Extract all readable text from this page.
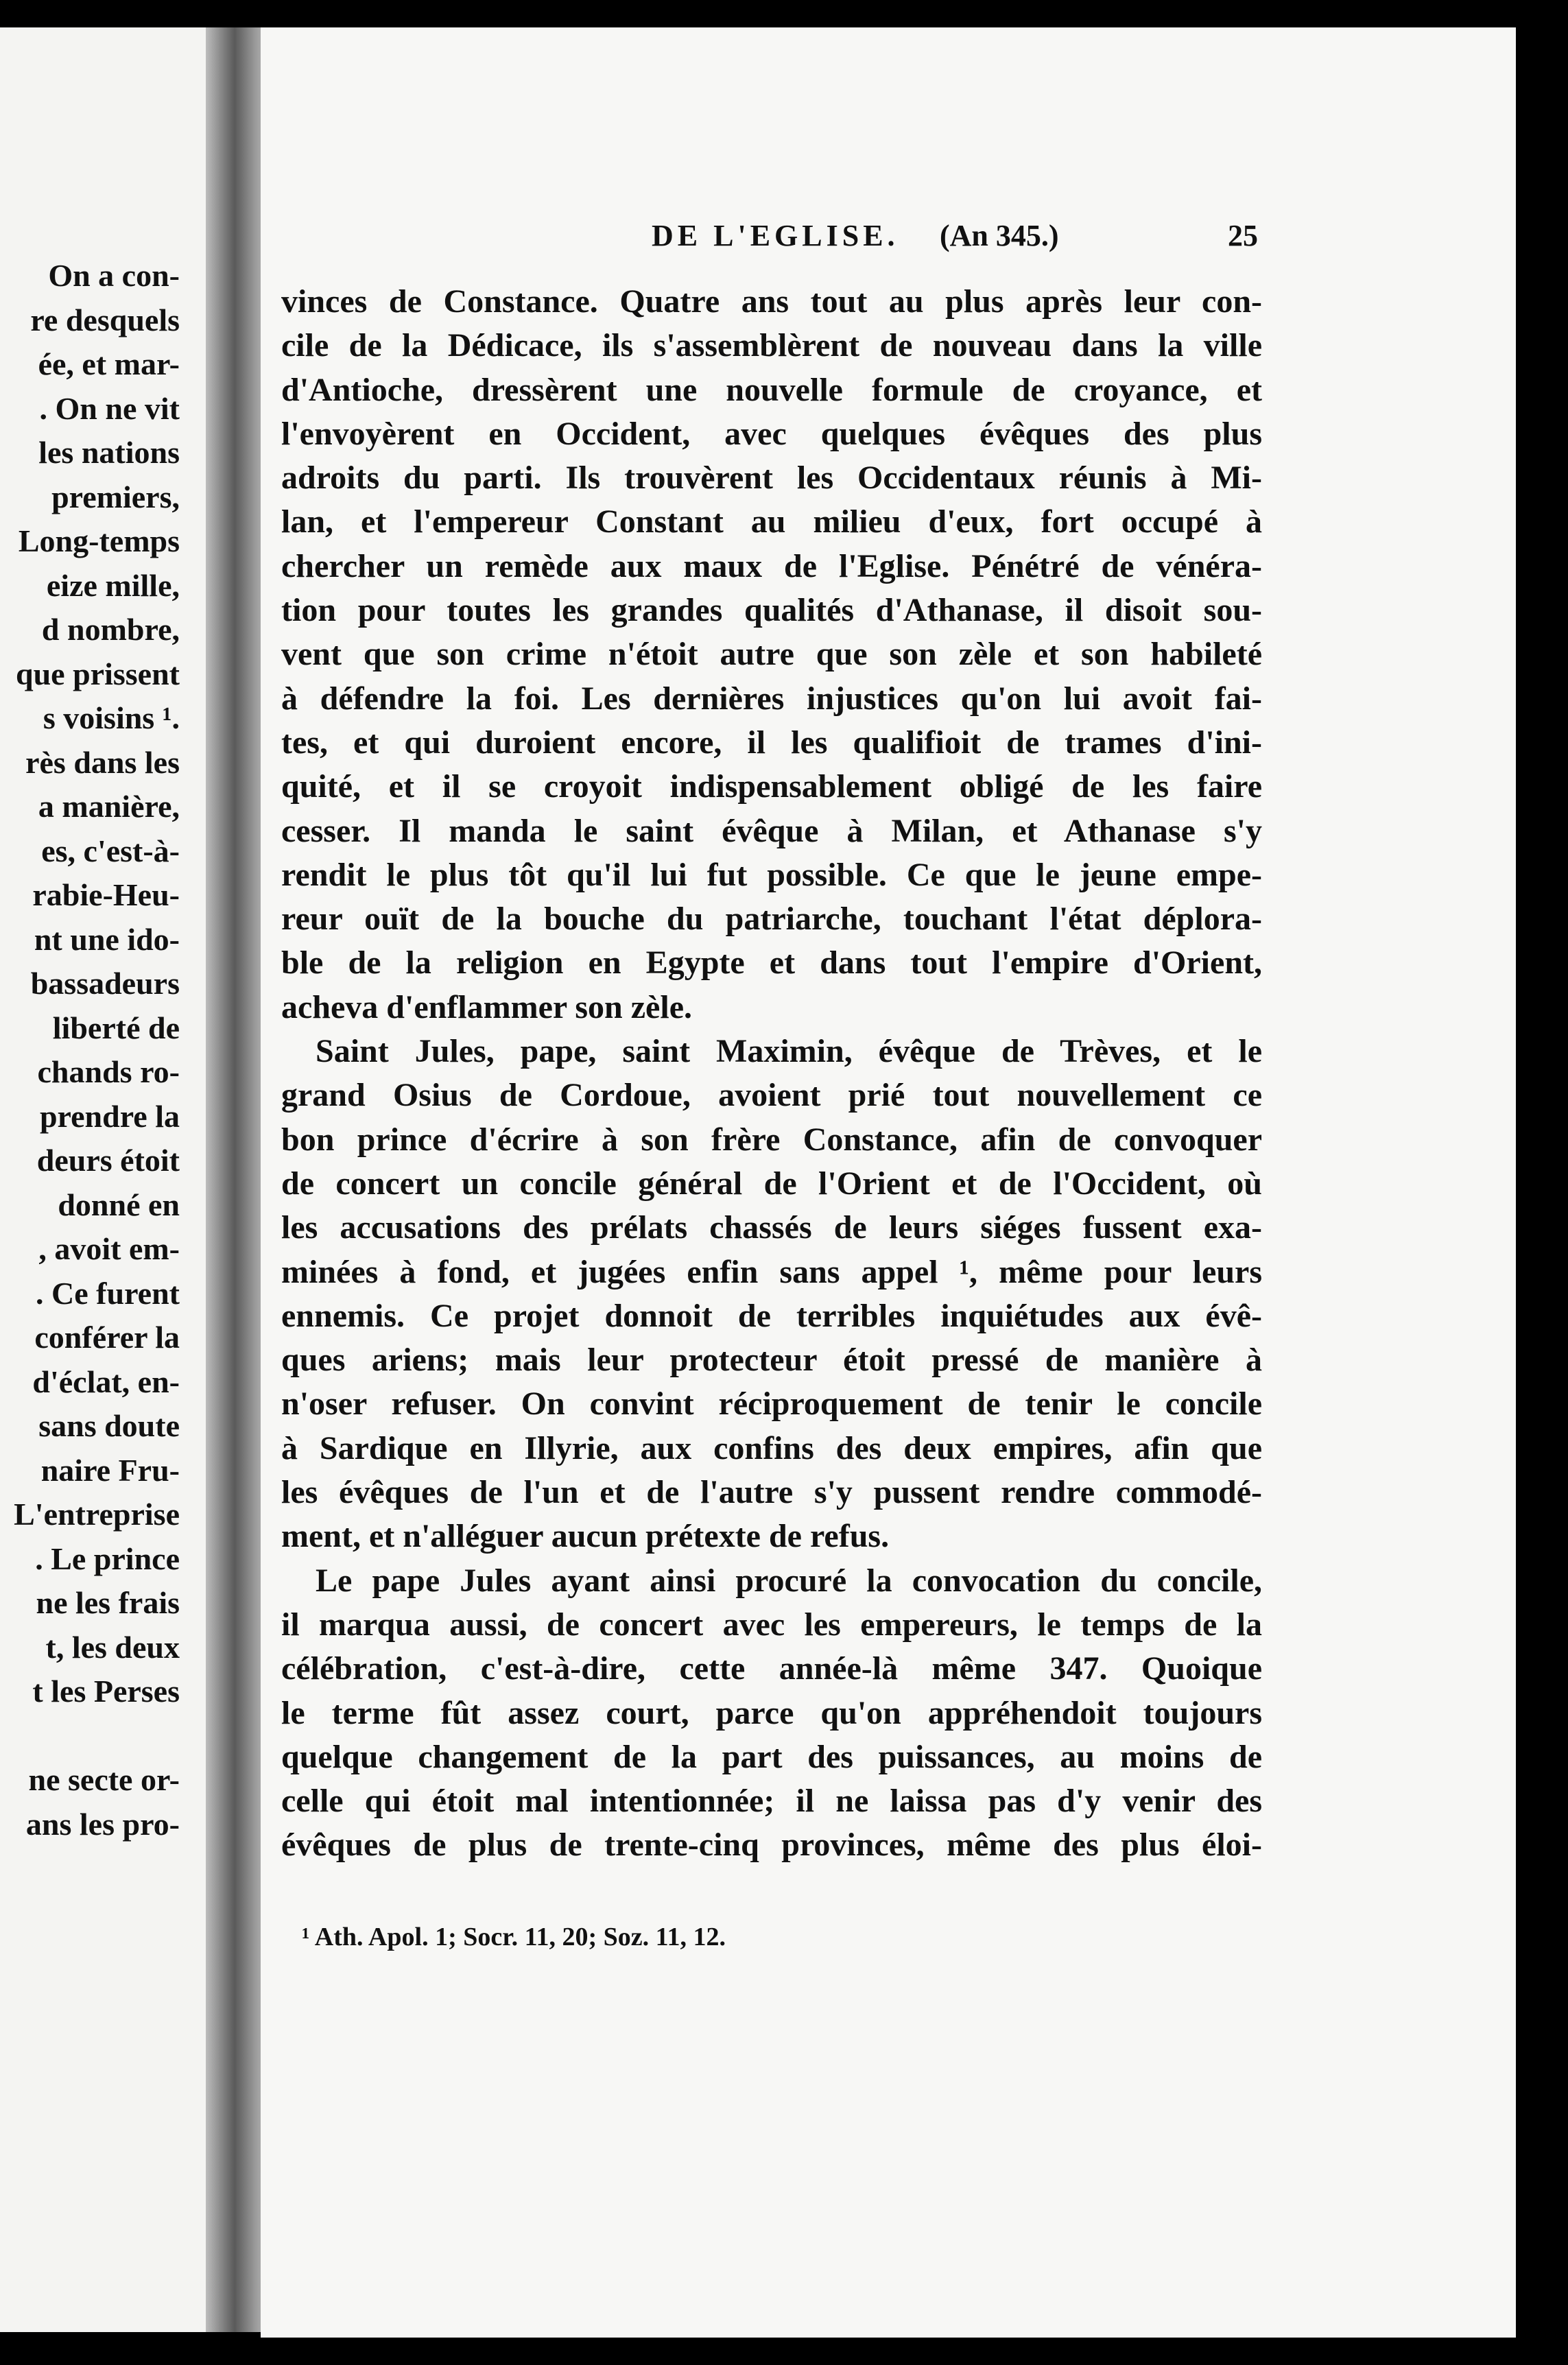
On a con-
re desquels
ée, et mar-
. On ne vit
les nations
premiers,
Long-temps
eize mille,
d nombre,
que prissent
s voisins ¹.
rès dans les
a manière,
es, c'est-à-
rabie-Heu-
nt une ido-
bassadeurs
liberté de
chands ro-
prendre la
deurs étoit
donné en
, avoit em-
. Ce furent
conférer la
d'éclat, en-
sans doute
naire Fru-
L'entreprise
. Le prince
ne les frais
t, les deux
t les Perses
ne secte or-
ans les pro-
DE L'EGLISE. (An 345.)	25
vinces de Constance. Quatre ans tout au plus après leur con-
cile de la Dédicace, ils s'assemblèrent de nouveau dans la ville
d'Antioche, dressèrent une nouvelle formule de croyance, et
l'envoyèrent en Occident, avec quelques évêques des plus
adroits du parti. Ils trouvèrent les Occidentaux réunis à Mi-
lan, et l'empereur Constant au milieu d'eux, fort occupé à
chercher un remède aux maux de l'Eglise. Pénétré de vénéra-
tion pour toutes les grandes qualités d'Athanase, il disoit sou-
vent que son crime n'étoit autre que son zèle et son habileté
à défendre la foi. Les dernières injustices qu'on lui avoit fai-
tes, et qui duroient encore, il les qualifioit de trames d'ini-
quité, et il se croyoit indispensablement obligé de les faire
cesser. Il manda le saint évêque à Milan, et Athanase s'y
rendit le plus tôt qu'il lui fut possible. Ce que le jeune empe-
reur ouït de la bouche du patriarche, touchant l'état déplora-
ble de la religion en Egypte et dans tout l'empire d'Orient,
acheva d'enflammer son zèle.
Saint Jules, pape, saint Maximin, évêque de Trèves, et le
grand Osius de Cordoue, avoient prié tout nouvellement ce
bon prince d'écrire à son frère Constance, afin de convoquer
de concert un concile général de l'Orient et de l'Occident, où
les accusations des prélats chassés de leurs siéges fussent exa-
minées à fond, et jugées enfin sans appel ¹, même pour leurs
ennemis. Ce projet donnoit de terribles inquiétudes aux évê-
ques ariens; mais leur protecteur étoit pressé de manière à
n'oser refuser. On convint réciproquement de tenir le concile
à Sardique en Illyrie, aux confins des deux empires, afin que
les évêques de l'un et de l'autre s'y pussent rendre commodé-
ment, et n'alléguer aucun prétexte de refus.
Le pape Jules ayant ainsi procuré la convocation du concile,
il marqua aussi, de concert avec les empereurs, le temps de la
célébration, c'est-à-dire, cette année-là même 347. Quoique
le terme fût assez court, parce qu'on appréhendoit toujours
quelque changement de la part des puissances, au moins de
celle qui étoit mal intentionnée; il ne laissa pas d'y venir des
évêques de plus de trente-cinq provinces, même des plus éloi-
¹ Ath. Apol. 1; Socr. 11, 20; Soz. 11, 12.
